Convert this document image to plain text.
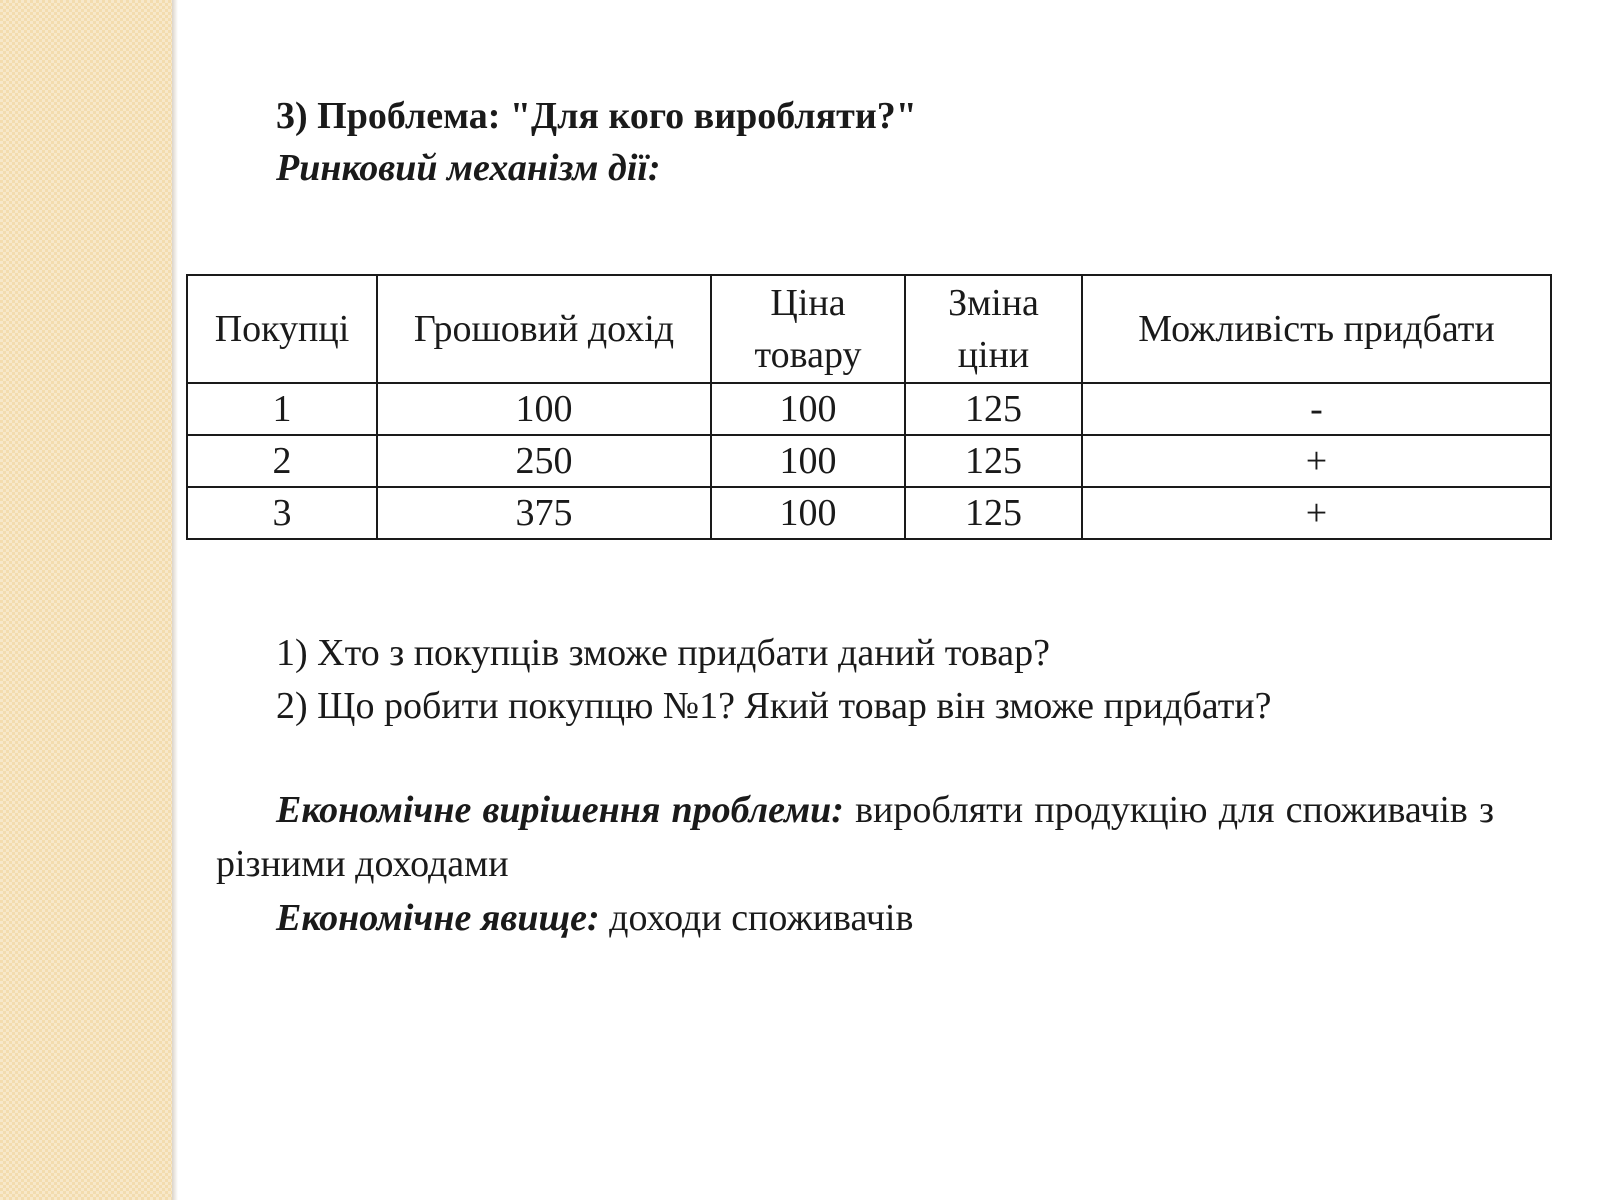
3) Проблема: "Для кого виробляти?"
Ринковий механізм дії:
Покупці	Грошовий дохід	Ціна товару	Зміна ціни	Можливість придбати
1	100	100	125	-
2	250	100	125	+
3	375	100	125	+
1) Хто з покупців зможе придбати даний товар?
2) Що робити покупцю №1? Який товар він зможе придбати?

Економічне вирішення проблеми: виробляти продукцію для споживачів з різними доходами

Економічне явище: доходи споживачів
